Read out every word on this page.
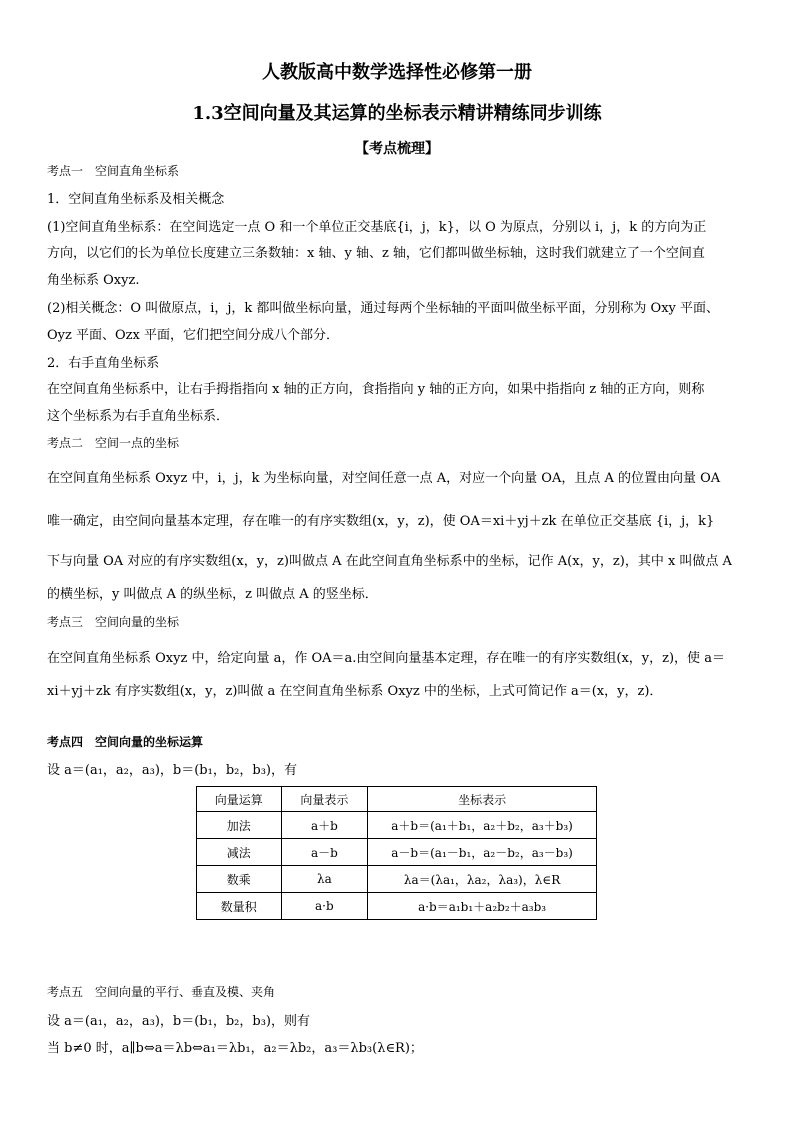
人教版高中数学选择性必修第一册
1.3空间向量及其运算的坐标表示精讲精练同步训练
【考点梳理】
考点一　空间直角坐标系
1．空间直角坐标系及相关概念
(1)空间直角坐标系：在空间选定一点 O 和一个单位正交基底{i，j，k}，以 O 为原点，分别以 i，j，k 的方向为正
方向，以它们的长为单位长度建立三条数轴：x 轴、y 轴、z 轴，它们都叫做坐标轴，这时我们就建立了一个空间直
角坐标系 Oxyz.
(2)相关概念：O 叫做原点，i，j，k 都叫做坐标向量，通过每两个坐标轴的平面叫做坐标平面，分别称为 Oxy 平面、
Oyz 平面、Ozx 平面，它们把空间分成八个部分．
2．右手直角坐标系
在空间直角坐标系中，让右手拇指指向 x 轴的正方向，食指指向 y 轴的正方向，如果中指指向 z 轴的正方向，则称
这个坐标系为右手直角坐标系．
考点二　空间一点的坐标
在空间直角坐标系 Oxyz 中，i，j，k 为坐标向量，对空间任意一点 A，对应一个向量 OA，且点 A 的位置由向量 OA
唯一确定，由空间向量基本定理，存在唯一的有序实数组(x，y，z)，使 OA＝xi＋yj＋zk 在单位正交基底 {i，j，k}
下与向量 OA 对应的有序实数组(x，y，z)叫做点 A 在此空间直角坐标系中的坐标，记作 A(x，y，z)，其中 x 叫做点 A
的横坐标，y 叫做点 A 的纵坐标，z 叫做点 A 的竖坐标．
考点三　空间向量的坐标
在空间直角坐标系 Oxyz 中，给定向量 a，作 OA＝a.由空间向量基本定理，存在唯一的有序实数组(x，y，z)，使 a＝
xi＋yj＋zk 有序实数组(x，y，z)叫做 a 在空间直角坐标系 Oxyz 中的坐标，上式可简记作 a＝(x，y，z)．
考点四　空间向量的坐标运算
设 a＝(a₁，a₂，a₃)，b＝(b₁，b₂，b₃)，有
向量运算	向量表示	坐标表示
加法	a＋b	a＋b＝(a₁＋b₁，a₂＋b₂，a₃＋b₃)
减法	a－b	a－b＝(a₁－b₁，a₂－b₂，a₃－b₃)
数乘	λa	λa＝(λa₁，λa₂，λa₃)，λ∈R
数量积	a·b	a·b＝a₁b₁＋a₂b₂＋a₃b₃
考点五　空间向量的平行、垂直及模、夹角
设 a＝(a₁，a₂，a₃)，b＝(b₁，b₂，b₃)，则有
当 b≠0 时，a∥b⇔a＝λb⇔a₁＝λb₁，a₂＝λb₂，a₃＝λb₃(λ∈R)；
